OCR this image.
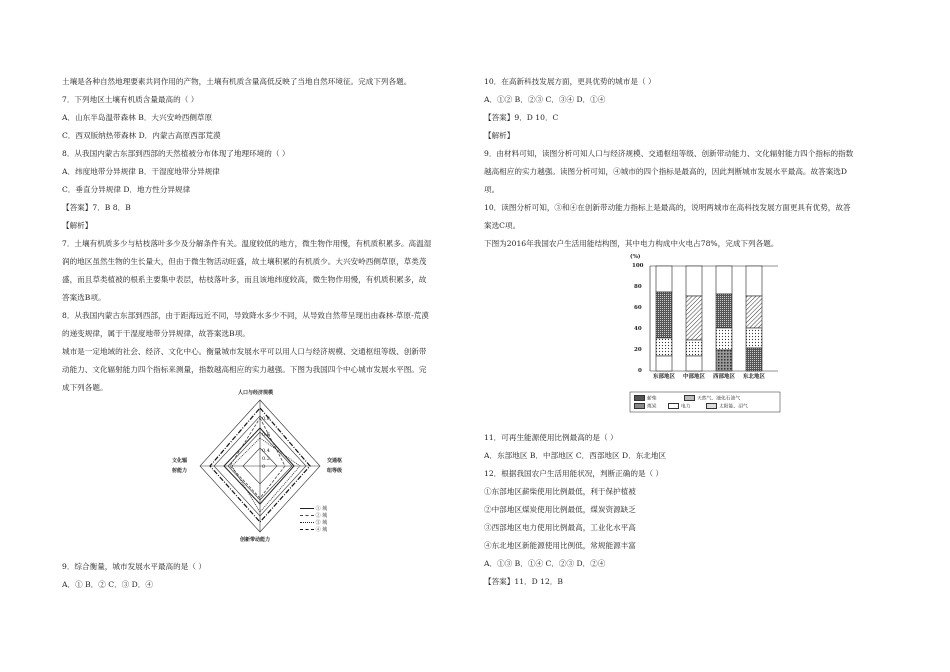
土壤是各种自然地理要素共同作用的产物，土壤有机质含量高低反映了当地自然环境征。完成下列各题。
7．下列地区土壤有机质含量最高的（ ）
A．山东半岛温带森林 B．大兴安岭西侧草原
C．西双版纳热带森林 D．内蒙古高原西部荒漠
8．从我国内蒙古东部到西部的天然植被分布体现了地理环境的（ ）
A．纬度地带分异规律 B．干湿度地带分异规律
C．垂直分异规律 D．地方性分异规律
【答案】7．B 8．B
【解析】
7．土壤有机质多少与枯枝落叶多少及分解条件有关。温度较低的地方，微生物作用慢，有机质积累多。高温湿
润的地区虽然生物的生长量大，但由于微生物活动旺盛，故土壤积累的有机质少。大兴安岭西侧草原，草类茂
盛，而且草类植被的根系主要集中表层，枯枝落叶多，而且该地纬度较高，微生物作用慢，有机质积累多，故
答案选B项。
8．从我国内蒙古东部到西部，由于距海远近不同，导致降水多少不同，从导致自然带呈现出由森林-草原-荒漠
的递变规律，属于干湿度地带分异规律，故答案选B项。
城市是一定地域的社会、经济、文化中心。衡量城市发展水平可以用人口与经济规模、交通枢纽等级、创新带
动能力、文化辐射能力四个指标来测量，指数越高相应的实力越强。下图为我国四个中心城市发展水平图。完
成下列各题。
人口与经济规模
交通枢
纽等级
创新带动能力
文化辐
射能力
0.8
0.6
0.4
0.2
0
① 城
② 城
③ 城
④ 城
9．综合衡量，城市发展水平最高的是（ ）
A．① B．② C．③ D．④
10．在高新科技发展方面，更具优势的城市是（ ）
A．①② B．②③ C．③④ D．①④
【答案】9．D 10．C
【解析】
9．由材料可知，读图分析可知人口与经济规模、交通枢纽等级、创新带动能力、文化辐射能力四个指标的指数
越高相应的实力越强。读图分析可知，④城市的四个指标是最高的，因此判断城市发展水平最高。故答案选D
项。
10．读图分析可知，③和④在创新带动能力指标上是最高的，说明两城市在高科技发展方面更具有优势，故答
案选C项。
下图为2016年我国农户生活用能结构图，其中电力构成中火电占78%，完成下列各题。
(%)
100
80
60
40
20
0
东部地区 中部地区 西部地区 东北地区
薪柴	天然气、液化石油气
煤炭	电力	太阳能、沼气
11．可再生能源使用比例最高的是（ ）
A．东部地区 B．中部地区 C．西部地区 D．东北地区
12．根据我国农户生活用能状况，判断正确的是（ ）
①东部地区薪柴使用比例最低，利于保护植被
②中部地区煤炭使用比例最低，煤炭资源缺乏
③西部地区电力使用比例最高，工业化水平高
④东北地区新能源使用比例低，常规能源丰富
A．①③ B．①④ C．②③ D．②④
【答案】11．D 12．B
